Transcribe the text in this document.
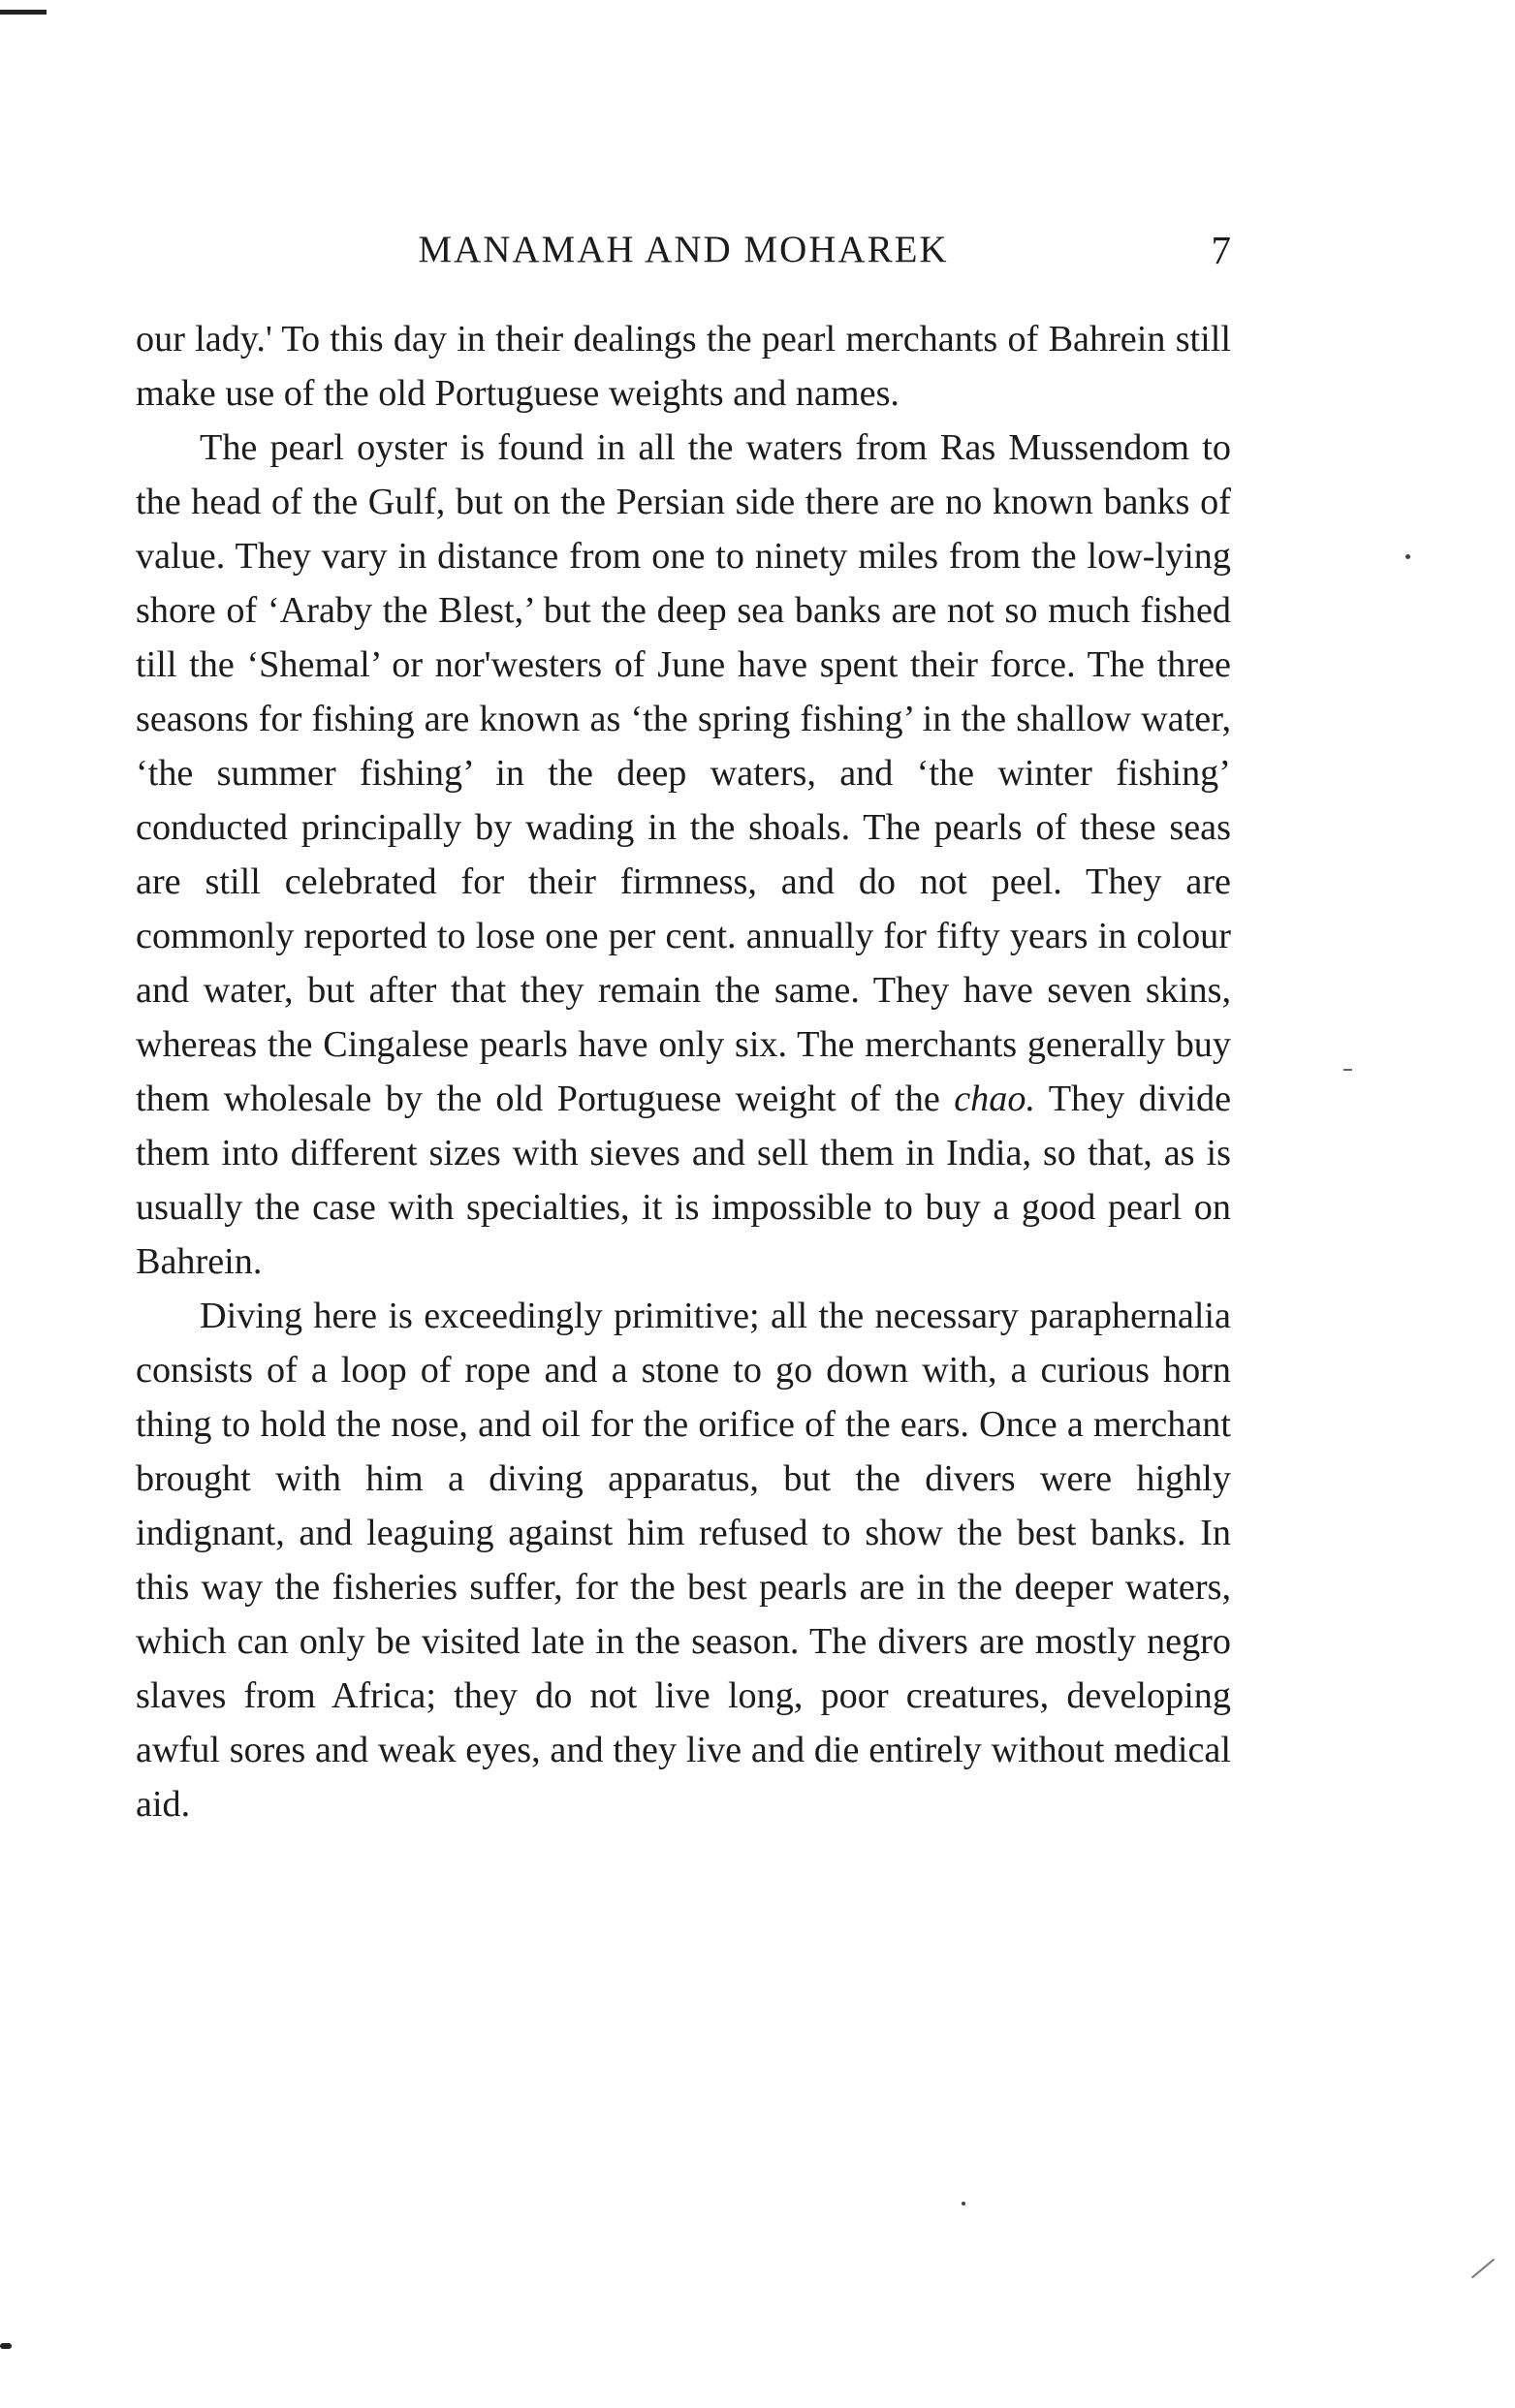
MANAMAH AND MOHAREK	7

our lady.' To this day in their dealings the pearl merchants of Bahrein still make use of the old Portuguese weights and names.

The pearl oyster is found in all the waters from Ras Mussendom to the head of the Gulf, but on the Persian side there are no known banks of value. They vary in distance from one to ninety miles from the low-lying shore of ‘Araby the Blest,’ but the deep sea banks are not so much fished till the ‘Shemal’ or nor'westers of June have spent their force. The three seasons for fishing are known as ‘the spring fishing’ in the shallow water, ‘the summer fishing’ in the deep waters, and ‘the winter fishing’ conducted principally by wading in the shoals. The pearls of these seas are still celebrated for their firmness, and do not peel. They are commonly reported to lose one per cent. annually for fifty years in colour and water, but after that they remain the same. They have seven skins, whereas the Cingalese pearls have only six. The merchants generally buy them wholesale by the old Portuguese weight of the chao. They divide them into different sizes with sieves and sell them in India, so that, as is usually the case with specialties, it is impossible to buy a good pearl on Bahrein.

Diving here is exceedingly primitive; all the necessary paraphernalia consists of a loop of rope and a stone to go down with, a curious horn thing to hold the nose, and oil for the orifice of the ears. Once a merchant brought with him a diving apparatus, but the divers were highly indignant, and leaguing against him refused to show the best banks. In this way the fisheries suffer, for the best pearls are in the deeper waters, which can only be visited late in the season. The divers are mostly negro slaves from Africa; they do not live long, poor creatures, developing awful sores and weak eyes, and they live and die entirely without medical aid.
